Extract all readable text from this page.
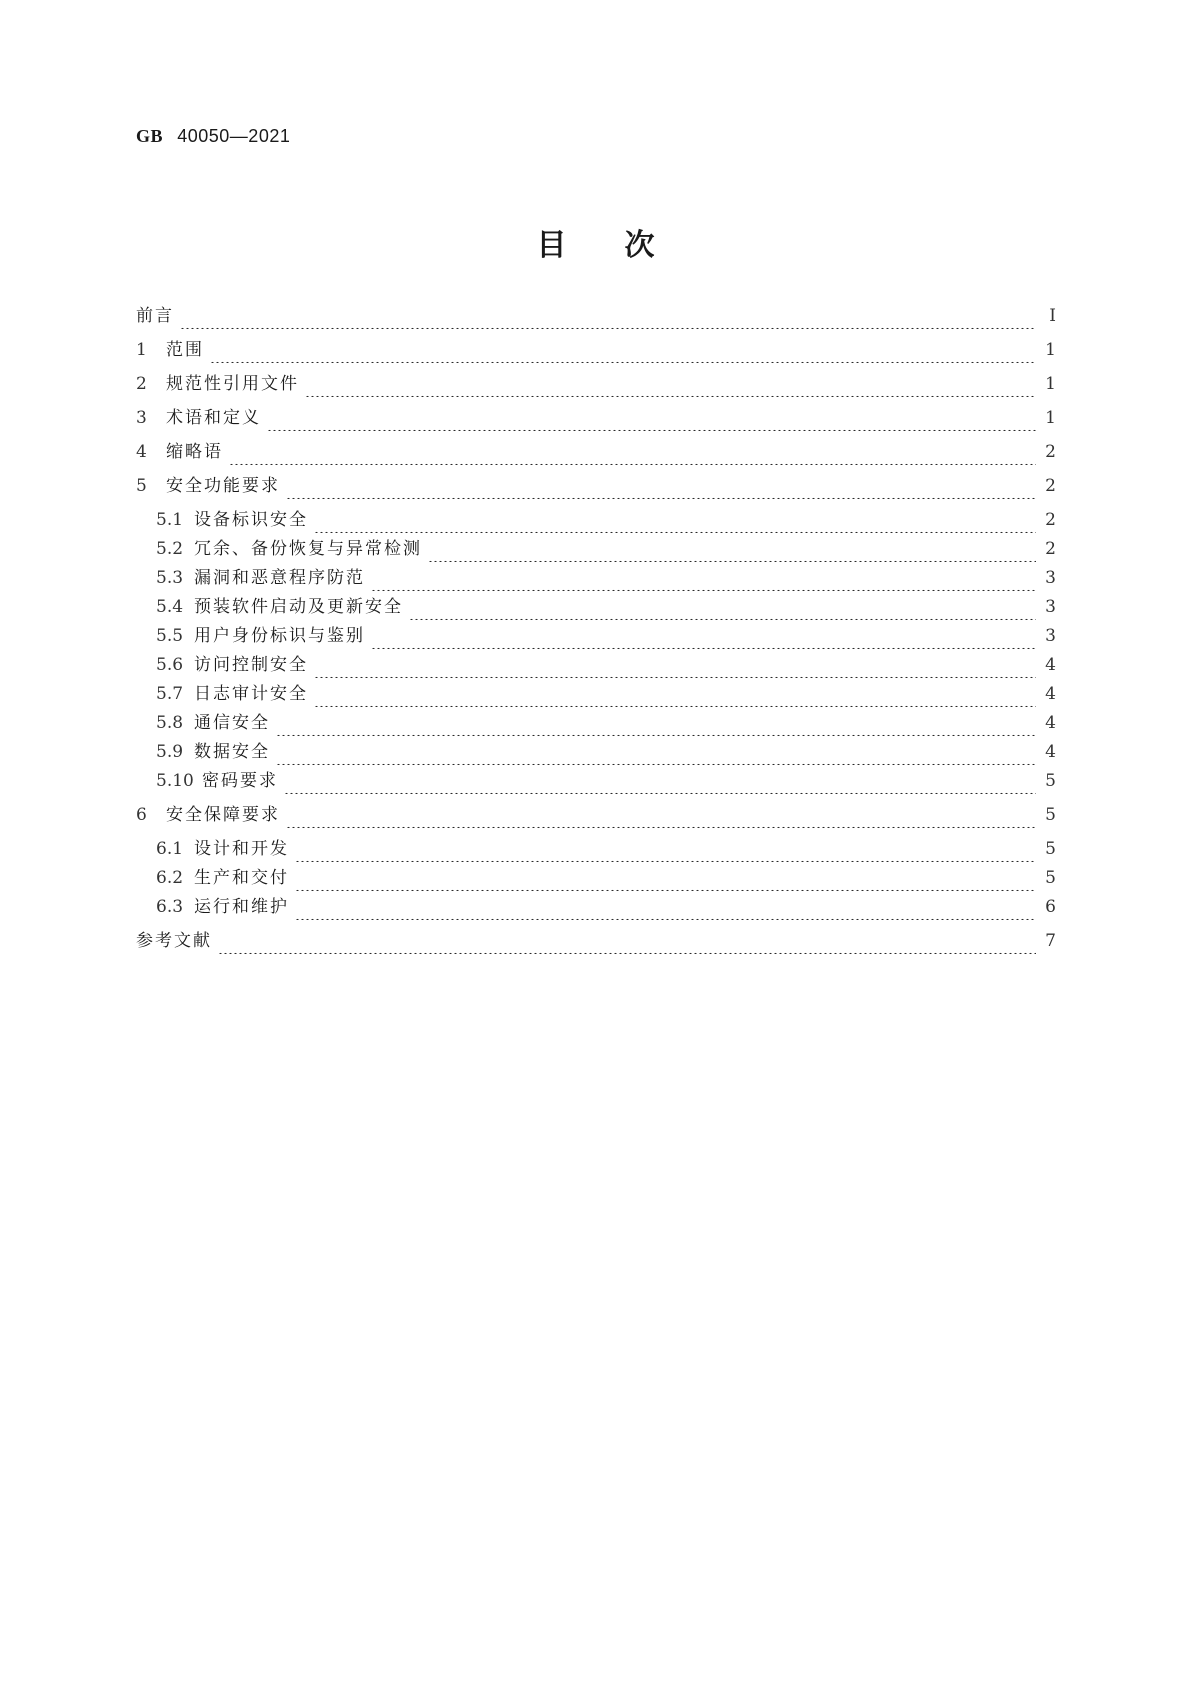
GB 40050—2021
目次
前言	Ⅰ
1	范围	1
2	规范性引用文件	1
3	术语和定义	1
4	缩略语	2
5	安全功能要求	2
5.1 设备标识安全	2
5.2 冗余、备份恢复与异常检测	2
5.3 漏洞和恶意程序防范	3
5.4 预装软件启动及更新安全	3
5.5 用户身份标识与鉴别	3
5.6 访问控制安全	4
5.7 日志审计安全	4
5.8 通信安全	4
5.9 数据安全	4
5.10 密码要求	5
6	安全保障要求	5
6.1 设计和开发	5
6.2 生产和交付	5
6.3 运行和维护	6
参考文献	7
